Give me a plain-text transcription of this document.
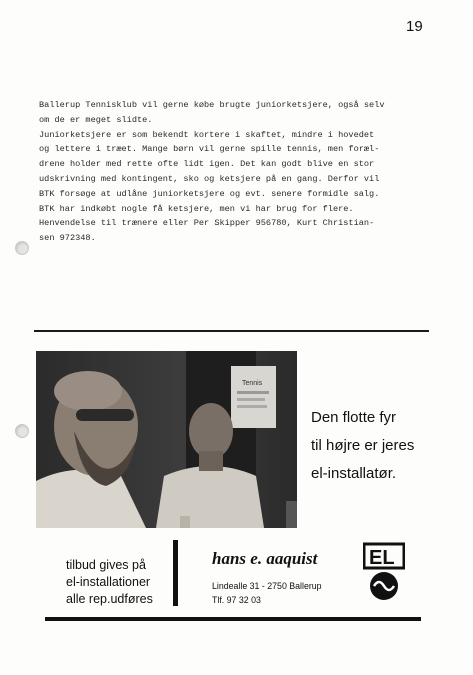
19

Ballerup Tennisklub vil gerne købe brugte juniorketsjere, også selv

om de er meget slidte.

Juniorketsjere er som bekendt kortere i skaftet, mindre i hovedet

og lettere i træet. Mange børn vil gerne spille tennis, men foræl-

drene holder med rette ofte lidt igen. Det kan godt blive en stor

udskrivning med kontingent, sko og ketsjere på en gang. Derfor vil

BTK forsøge at udlåne juniorketsjere og evt. senere formidle salg.

BTK har indkøbt nogle få ketsjere, men vi har brug for flere.

Henvendelse til trænere eller Per Skipper 956780, Kurt Christian-

sen 972348.

Tennis
Den flotte fyr
til højre er jeres
el-installatør.
tilbud gives på
el-installationer
alle rep.udføres
hans e. aaquist
Lindealle 31 - 2750 Ballerup
Tlf. 97 32 03
EL
